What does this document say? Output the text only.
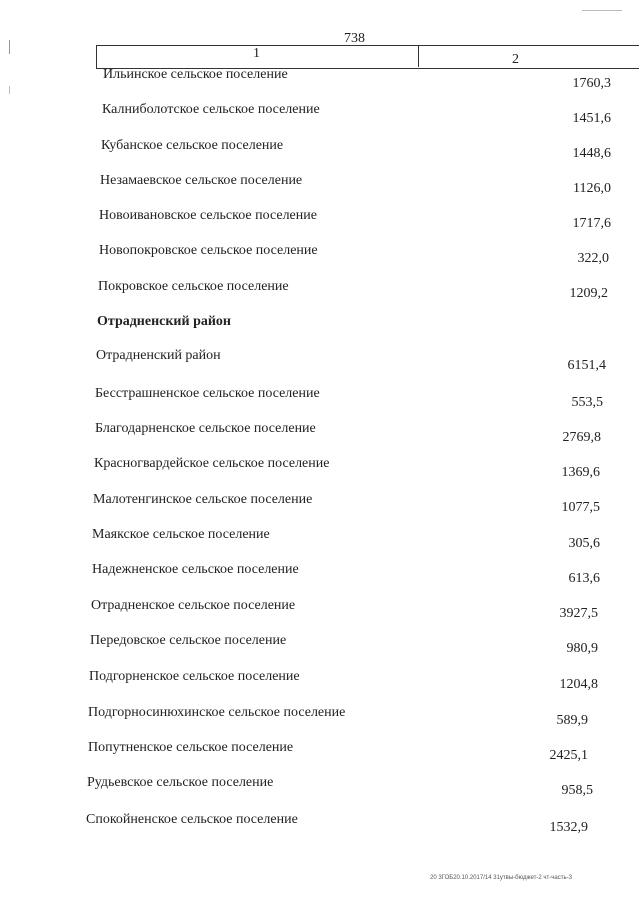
738
1	2
Ильинское сельское поселение
1760,3
Калниболотское сельское поселение
1451,6
Кубанское сельское поселение
1448,6
Незамаевское сельское поселение
1126,0
Новоивановское сельское поселение
1717,6
Новопокровское сельское поселение
322,0
Покровское сельское поселение	1209,2
Отрадненский район
Отрадненский район
6151,4
Бесстрашненское сельское поселение
553,5
Благодарненское сельское поселение
2769,8
Красногвардейское сельское поселение
1369,6
Малотенгинское сельское поселение
1077,5
Маякское сельское поселение
305,6
Надежненское сельское поселение
613,6
Отрадненское сельское поселение
3927,5
Передовское сельское поселение
980,9
Подгорненское сельское поселение
1204,8
Подгорносинюхинское сельское поселение
589,9
Попутненское сельское поселение
2425,1
Рудьевское сельское поселение
958,5
Спокойненское сельское поселение
1532,9
20 3ГОБ20.10.2017/14 31утвы-бюджет-2 чт-часть-3
